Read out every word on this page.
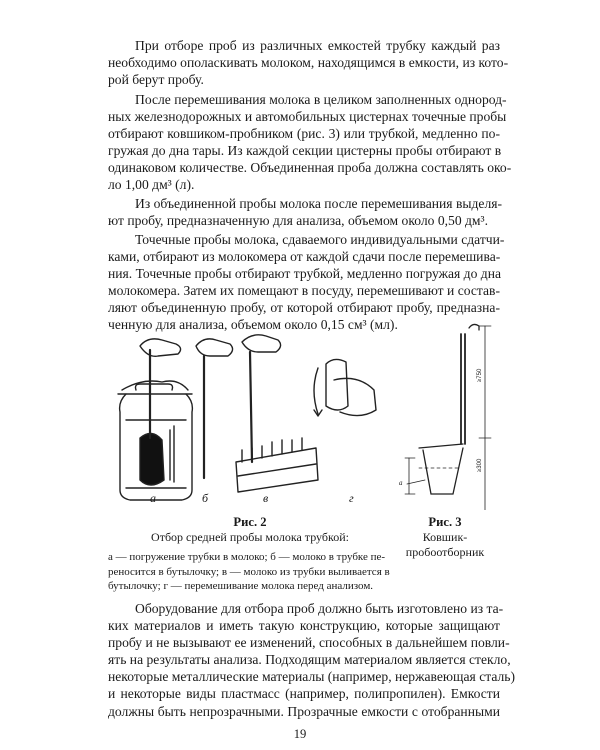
При отборе проб из различных емкостей трубку каждый раз
необходимо ополаскивать молоком, находящимся в емкости, из кото-
рой берут пробу.

После перемешивания молока в целиком заполненных однород-
ных железнодорожных и автомобильных цистернах точечные пробы
отбирают ковшиком-пробником (рис. 3) или трубкой, медленно по-
гружая до дна тары. Из каждой секции цистерны пробы отбирают в
одинаковом количестве. Объединенная проба должна составлять око-
ло 1,00 дм³ (л).

Из объединенной пробы молока после перемешивания выделя-
ют пробу, предназначенную для анализа, объемом около 0,50 дм³.

Точечные пробы молока, сдаваемого индивидуальными сдатчи-
ками, отбирают из молокомера от каждой сдачи после перемешива-
ния. Точечные пробы отбирают трубкой, медленно погружая до дна
молокомера. Затем их помещают в посуду, перемешивают и состав-
ляют объединенную пробу, от которой отбирают пробу, предназна-
ченную для анализа, объемом около 0,15 см³ (мл).

а	б	в	г
Рис. 2
Отбор средней пробы молока трубкой:
а — погружение трубки в молоко; б — молоко в трубке пе-
реносится в бутылочку; в — молоко из трубки выливается в
бутылочку; г — перемешивание молока перед анализом.
≥750
≥300
a
Рис. 3
Ковшик-
пробоотборник

Оборудование для отбора проб должно быть изготовлено из та-
ких материалов и иметь такую конструкцию, которые защищают
пробу и не вызывают ее изменений, способных в дальнейшем повли-
ять на результаты анализа. Подходящим материалом является стекло,
некоторые металлические материалы (например, нержавеющая сталь)
и некоторые виды пластмасс (например, полипропилен). Емкости
должны быть непрозрачными. Прозрачные емкости с отобранными

19
